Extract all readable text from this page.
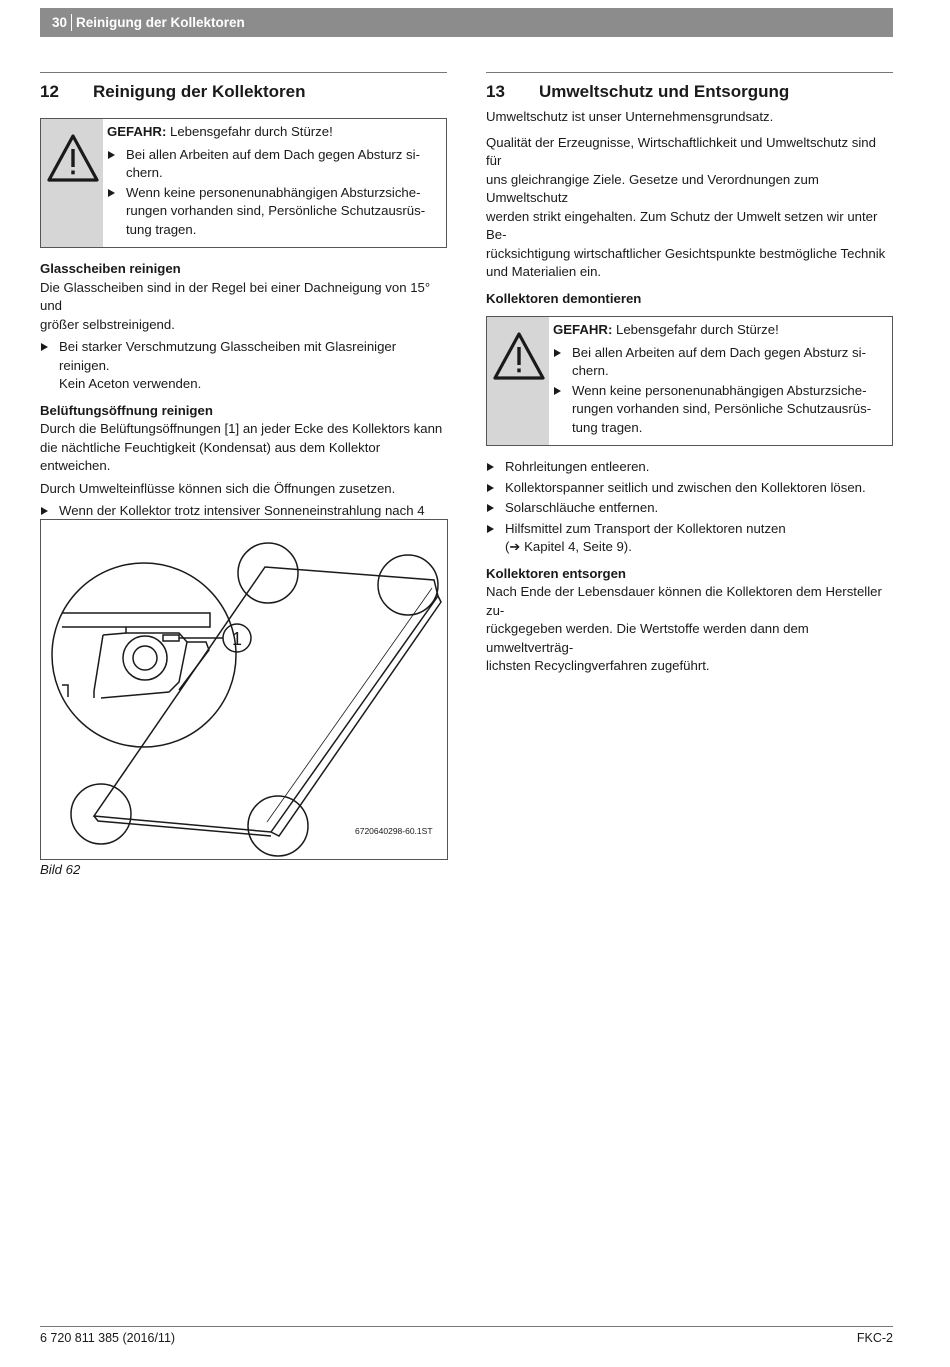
30 Reinigung der Kollektoren
12	Reinigung der Kollektoren

GEFAHR: Lebensgefahr durch Stürze!

Bei allen Arbeiten auf dem Dach gegen Absturz si-
chern.
Wenn keine personenunabhängigen Absturzsiche-
rungen vorhanden sind, Persönliche Schutzausrüs-
tung tragen.
Glasscheiben reinigen

Die Glasscheiben sind in der Regel bei einer Dachneigung von 15° und
größer selbstreinigend.

Bei starker Verschmutzung Glasscheiben mit Glasreiniger reinigen.
Kein Aceton verwenden.
Belüftungsöffnung reinigen

Durch die Belüftungsöffnungen [1] an jeder Ecke des Kollektors kann
die nächtliche Feuchtigkeit (Kondensat) aus dem Kollektor entweichen.

Durch Umwelteinflüsse können sich die Öffnungen zusetzen.

Wenn der Kollektor trotz intensiver Sonneneinstrahlung nach 4

1
6720640298-60.1ST
Bild 62
13	Umweltschutz und Entsorgung

Umweltschutz ist unser Unternehmensgrundsatz.

Qualität der Erzeugnisse, Wirtschaftlichkeit und Umweltschutz sind für
uns gleichrangige Ziele. Gesetze und Verordnungen zum Umweltschutz
werden strikt eingehalten. Zum Schutz der Umwelt setzen wir unter Be-
rücksichtigung wirtschaftlicher Gesichtspunkte bestmögliche Technik
und Materialien ein.

Kollektoren demontieren

GEFAHR: Lebensgefahr durch Stürze!

Bei allen Arbeiten auf dem Dach gegen Absturz si-
chern.
Wenn keine personenunabhängigen Absturzsiche-
rungen vorhanden sind, Persönliche Schutzausrüs-
tung tragen.
Rohrleitungen entleeren.
Kollektorspanner seitlich und zwischen den Kollektoren lösen.
Solarschläuche entfernen.
Hilfsmittel zum Transport der Kollektoren nutzen
(➔ Kapitel 4, Seite 9).
Kollektoren entsorgen

Nach Ende der Lebensdauer können die Kollektoren dem Hersteller zu-
rückgegeben werden. Die Wertstoffe werden dann dem umweltverträg-
lichsten Recyclingverfahren zugeführt.

6 720 811 385 (2016/11)	FKC-2
